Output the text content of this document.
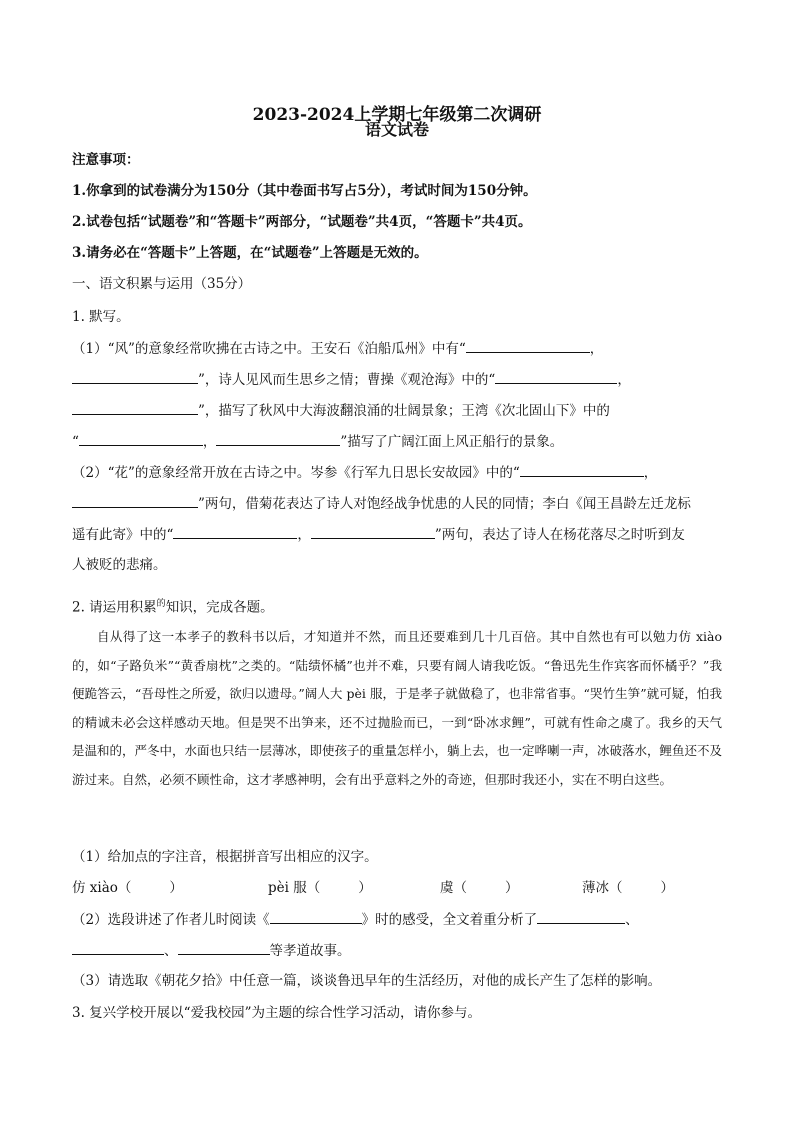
2023-2024上学期七年级第二次调研
语文试卷
注意事项：
1.你拿到的试卷满分为150分（其中卷面书写占5分），考试时间为150分钟。
2.试卷包括“试题卷”和“答题卡”两部分，“试题卷”共4页，“答题卡”共4页。
3.请务必在“答题卡”上答题，在“试题卷”上答题是无效的。
一、语文积累与运用（35分）
1. 默写。
（1）“风”的意象经常吹拂在古诗之中。王安石《泊船瓜州》中有“	，
”，诗人见风而生思乡之情；曹操《观沧海》中的“	，
”，描写了秋风中大海波翻浪涌的壮阔景象；王湾《次北固山下》中的
“	，	”描写了广阔江面上风正船行的景象。
（2）“花”的意象经常开放在古诗之中。岑参《行军九日思长安故园》中的“	，
”两句，借菊花表达了诗人对饱经战争忧患的人民的同情；李白《闻王昌龄左迁龙标
遥有此寄》中的“	，	”两句，表达了诗人在杨花落尽之时听到友
人被贬的悲痛。
2. 请运用积累$^的$知识，完成各题。

自从得了这一本孝子的教科书以后，才知道并不然，而且还要难到几十几百倍。其中自然也有可以勉力仿 xiào 的，如“子路负米”“黄香扇枕”之类的。“陆绩怀橘”也并不难，只要有阔人请我吃饭。“鲁迅先生作宾客而怀橘乎？”我便跪答云，“吾母性之所爱，欲归以遗母。”阔人大 pèi 服，于是孝子就做稳了，也非常省事。“哭竹生笋”就可疑，怕我的精诚未必会这样感动天地。但是哭不出笋来，还不过抛脸而已，一到“卧冰求鲤”，可就有性命之虞了。我乡的天气是温和的，严冬中，水面也只结一层薄冰，即使孩子的重量怎样小，躺上去，也一定哗喇一声，冰破落水，鲤鱼还不及游过来。自然，必须不顾性命，这才孝感神明，会有出乎意料之外的奇迹，但那时我还小，实在不明白这些。

（1）给加点的字注音，根据拼音写出相应的汉字。
仿 xiào（	）	pèi 服（	）	虞（	）	薄冰（	）
（2）选段讲述了作者儿时阅读《	》时的感受，全文着重分析了	、
、	等孝道故事。
（3）请选取《朝花夕拾》中任意一篇，谈谈鲁迅早年的生活经历，对他的成长产生了怎样的影响。
3. 复兴学校开展以“爱我校园”为主题的综合性学习活动，请你参与。
